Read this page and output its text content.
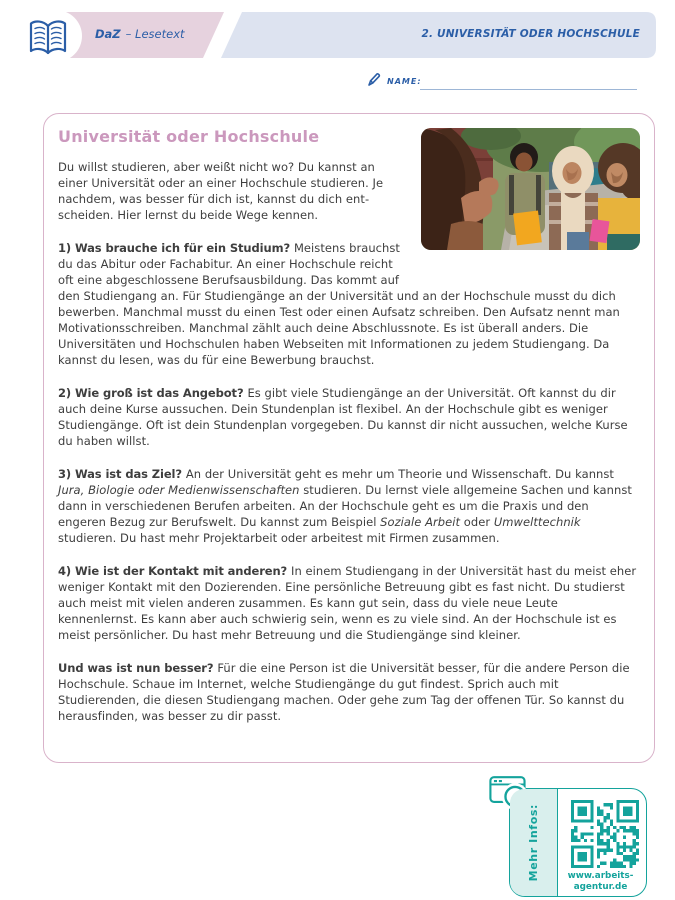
DaZ – Lesetext	2. UNIVERSITÄT ODER HOCHSCHULE
NAME:
Universität oder Hochschule

Du willst studieren, aber weißt nicht wo? Du kannst an einer Universität oder an einer Hochschule studieren. Je nachdem, was besser für dich ist, kannst du dich entscheiden. Hier lernst du beide Wege kennen.

1) Was brauche ich für ein Studium? Meistens brauchst du das Abitur oder Fachabitur. An einer Hochschule reicht oft eine abgeschlossene Berufsausbildung. Das kommt auf den Studiengang an. Für Studiengänge an der Universität und an der Hochschule musst du dich bewerben. Manchmal musst du einen Test oder einen Aufsatz schreiben. Den Aufsatz nennt man Motivationsschreiben. Manchmal zählt auch deine Abschlussnote. Es ist überall anders. Die Universitäten und Hochschulen haben Webseiten mit Informationen zu jedem Studiengang. Da kannst du lesen, was du für eine Bewerbung brauchst.

2) Wie groß ist das Angebot? Es gibt viele Studiengänge an der Universität. Oft kannst du dir auch deine Kurse aussuchen. Dein Stundenplan ist flexibel. An der Hochschule gibt es weniger Studiengänge. Oft ist dein Stundenplan vorgegeben. Du kannst dir nicht aussuchen, welche Kurse du haben willst.

3) Was ist das Ziel? An der Universität geht es mehr um Theorie und Wissenschaft. Du kannst Jura, Biologie oder Medienwissenschaften studieren. Du lernst viele allgemeine Sachen und kannst dann in verschiedenen Berufen arbeiten. An der Hochschule geht es um die Praxis und den engeren Bezug zur Berufswelt. Du kannst zum Beispiel Soziale Arbeit oder Umwelttechnik studieren. Du hast mehr Projektarbeit oder arbeitest mit Firmen zusammen.

4) Wie ist der Kontakt mit anderen? In einem Studiengang in der Universität hast du meist eher weniger Kontakt mit den Dozierenden. Eine persönliche Betreuung gibt es fast nicht. Du studierst auch meist mit vielen anderen zusammen. Es kann gut sein, dass du viele neue Leute kennenlernst. Es kann aber auch schwierig sein, wenn es zu viele sind. An der Hochschule ist es meist persönlicher. Du hast mehr Betreuung und die Studiengänge sind kleiner.

Und was ist nun besser? Für die eine Person ist die Universität besser, für die andere Person die Hochschule. Schaue im Internet, welche Studiengänge du gut findest. Sprich auch mit Studierenden, die diesen Studiengang machen. Oder gehe zum Tag der offenen Tür. So kannst du herausfinden, was besser zu dir passt.

Mehr Infos:	www.arbeits-
agentur.de
